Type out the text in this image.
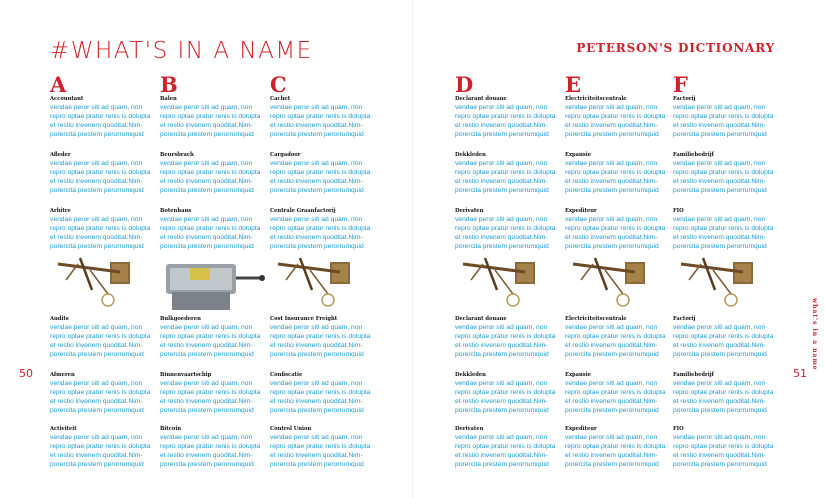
#WHAT'S IN A NAME	PETERSON'S DICTIONARY
50	51
what's in a name
A
Accountant
vendae peror siti ad quam, non
repro optae pratur renis is dolupta
et restio invenem quoditat.Nim-
porercita prestem perorrumquid
Afleder
vendae peror siti ad quam, non
repro optae pratur renis is dolupta
et restio invenem quoditat.Nim-
porercita prestem perorrumquid
Arbitre
vendae peror siti ad quam, non
repro optae pratur renis is dolupta
et restio invenem quoditat.Nim-
porercita prestem perorrumquid
Audits
vendae peror siti ad quam, non
repro optae pratur renis is dolupta
et restio invenem quoditat.Nim-
porercita prestem perorrumquid
Afmeren
vendae peror siti ad quam, non
repro optae pratur renis is dolupta
et restio invenem quoditat.Nim-
porercita prestem perorrumquid
Activiteit
vendae peror siti ad quam, non
repro optae pratur renis is dolupta
et restio invenem quoditat.Nim-
porercita prestem perorrumquid
B
Balen
vendae peror siti ad quam, non
repro optae pratur renis is dolupta
et restio invenem quoditat.Nim-
porercita prestem perorrumquid
Beursbrach
vendae peror siti ad quam, non
repro optae pratur renis is dolupta
et restio invenem quoditat.Nim-
porercita prestem perorrumquid
Botenhaus
vendae peror siti ad quam, non
repro optae pratur renis is dolupta
et restio invenem quoditat.Nim-
porercita prestem perorrumquid
Bulkgoederen
vendae peror siti ad quam, non
repro optae pratur renis is dolupta
et restio invenem quoditat.Nim-
porercita prestem perorrumquid
Binnenvaartschip
vendae peror siti ad quam, non
repro optae pratur renis is dolupta
et restio invenem quoditat.Nim-
porercita prestem perorrumquid
Bitcoin
vendae peror siti ad quam, non
repro optae pratur renis is dolupta
et restio invenem quoditat.Nim-
porercita prestem perorrumquid
C
Cachet
vendae peror siti ad quam, non
repro optae pratur renis is dolupta
et restio invenem quoditat.Nim-
porercita prestem perorrumquid
Cargadoor
vendae peror siti ad quam, non
repro optae pratur renis is dolupta
et restio invenem quoditat.Nim-
porercita prestem perorrumquid
Centrale Graanfactorij
vendae peror siti ad quam, non
repro optae pratur renis is dolupta
et restio invenem quoditat.Nim-
porercita prestem perorrumquid
Cost Insurance Freight
vendae peror siti ad quam, non
repro optae pratur renis is dolupta
et restio invenem quoditat.Nim-
porercita prestem perorrumquid
Confiscatie
vendae peror siti ad quam, non
repro optae pratur renis is dolupta
et restio invenem quoditat.Nim-
porercita prestem perorrumquid
Control Union
vendae peror siti ad quam, non
repro optae pratur renis is dolupta
et restio invenem quoditat.Nim-
porercita prestem perorrumquid
D
Declarant douane
vendae peror siti ad quam, non
repro optae pratur renis is dolupta
et restio invenem quoditat.Nim-
porercita prestem perorrumquid
Dekkleden
vendae peror siti ad quam, non
repro optae pratur renis is dolupta
et restio invenem quoditat.Nim-
porercita prestem perorrumquid
Derivaten
vendae peror siti ad quam, non
repro optae pratur renis is dolupta
et restio invenem quoditat.Nim-
porercita prestem perorrumquid
Declarant douane
vendae peror siti ad quam, non
repro optae pratur renis is dolupta
et restio invenem quoditat.Nim-
porercita prestem perorrumquid
Dekkleden
vendae peror siti ad quam, non
repro optae pratur renis is dolupta
et restio invenem quoditat.Nim-
porercita prestem perorrumquid
Derivaten
vendae peror siti ad quam, non
repro optae pratur renis is dolupta
et restio invenem quoditat.Nim-
porercita prestem perorrumquid
E
Electriciteitscentrale
vendae peror siti ad quam, non
repro optae pratur renis is dolupta
et restio invenem quoditat.Nim-
porercita prestem perorrumquid
Expansie
vendae peror siti ad quam, non
repro optae pratur renis is dolupta
et restio invenem quoditat.Nim-
porercita prestem perorrumquid
Expediteur
vendae peror siti ad quam, non
repro optae pratur renis is dolupta
et restio invenem quoditat.Nim-
porercita prestem perorrumquid
Electriciteitscentrale
vendae peror siti ad quam, non
repro optae pratur renis is dolupta
et restio invenem quoditat.Nim-
porercita prestem perorrumquid
Expansie
vendae peror siti ad quam, non
repro optae pratur renis is dolupta
et restio invenem quoditat.Nim-
porercita prestem perorrumquid
Expediteur
vendae peror siti ad quam, non
repro optae pratur renis is dolupta
et restio invenem quoditat.Nim-
porercita prestem perorrumquid
F
Factorij
vendae peror siti ad quam, non
repro optae pratur renis is dolupta
et restio invenem quoditat.Nim-
porercita prestem perorrumquid
Familiebedrijf
vendae peror siti ad quam, non
repro optae pratur renis is dolupta
et restio invenem quoditat.Nim-
porercita prestem perorrumquid
FIO
vendae peror siti ad quam, non
repro optae pratur renis is dolupta
et restio invenem quoditat.Nim-
porercita prestem perorrumquid
Factorij
vendae peror siti ad quam, non
repro optae pratur renis is dolupta
et restio invenem quoditat.Nim-
porercita prestem perorrumquid
Familiebedrijf
vendae peror siti ad quam, non
repro optae pratur renis is dolupta
et restio invenem quoditat.Nim-
porercita prestem perorrumquid
FIO
vendae peror siti ad quam, non
repro optae pratur renis is dolupta
et restio invenem quoditat.Nim-
porercita prestem perorrumquid
